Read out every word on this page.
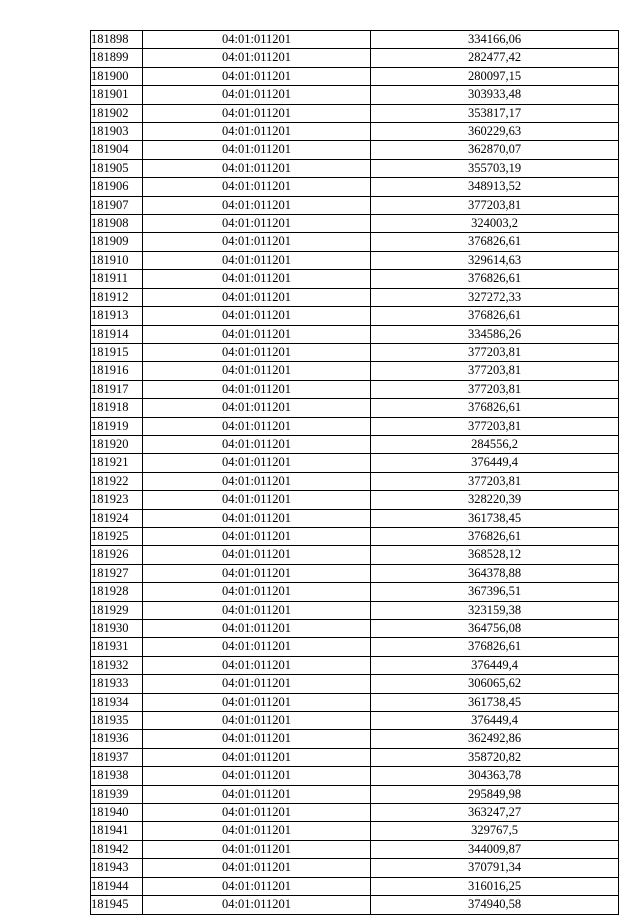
181898	04:01:011201	334166,06
181899	04:01:011201	282477,42
181900	04:01:011201	280097,15
181901	04:01:011201	303933,48
181902	04:01:011201	353817,17
181903	04:01:011201	360229,63
181904	04:01:011201	362870,07
181905	04:01:011201	355703,19
181906	04:01:011201	348913,52
181907	04:01:011201	377203,81
181908	04:01:011201	324003,2
181909	04:01:011201	376826,61
181910	04:01:011201	329614,63
181911	04:01:011201	376826,61
181912	04:01:011201	327272,33
181913	04:01:011201	376826,61
181914	04:01:011201	334586,26
181915	04:01:011201	377203,81
181916	04:01:011201	377203,81
181917	04:01:011201	377203,81
181918	04:01:011201	376826,61
181919	04:01:011201	377203,81
181920	04:01:011201	284556,2
181921	04:01:011201	376449,4
181922	04:01:011201	377203,81
181923	04:01:011201	328220,39
181924	04:01:011201	361738,45
181925	04:01:011201	376826,61
181926	04:01:011201	368528,12
181927	04:01:011201	364378,88
181928	04:01:011201	367396,51
181929	04:01:011201	323159,38
181930	04:01:011201	364756,08
181931	04:01:011201	376826,61
181932	04:01:011201	376449,4
181933	04:01:011201	306065,62
181934	04:01:011201	361738,45
181935	04:01:011201	376449,4
181936	04:01:011201	362492,86
181937	04:01:011201	358720,82
181938	04:01:011201	304363,78
181939	04:01:011201	295849,98
181940	04:01:011201	363247,27
181941	04:01:011201	329767,5
181942	04:01:011201	344009,87
181943	04:01:011201	370791,34
181944	04:01:011201	316016,25
181945	04:01:011201	374940,58
